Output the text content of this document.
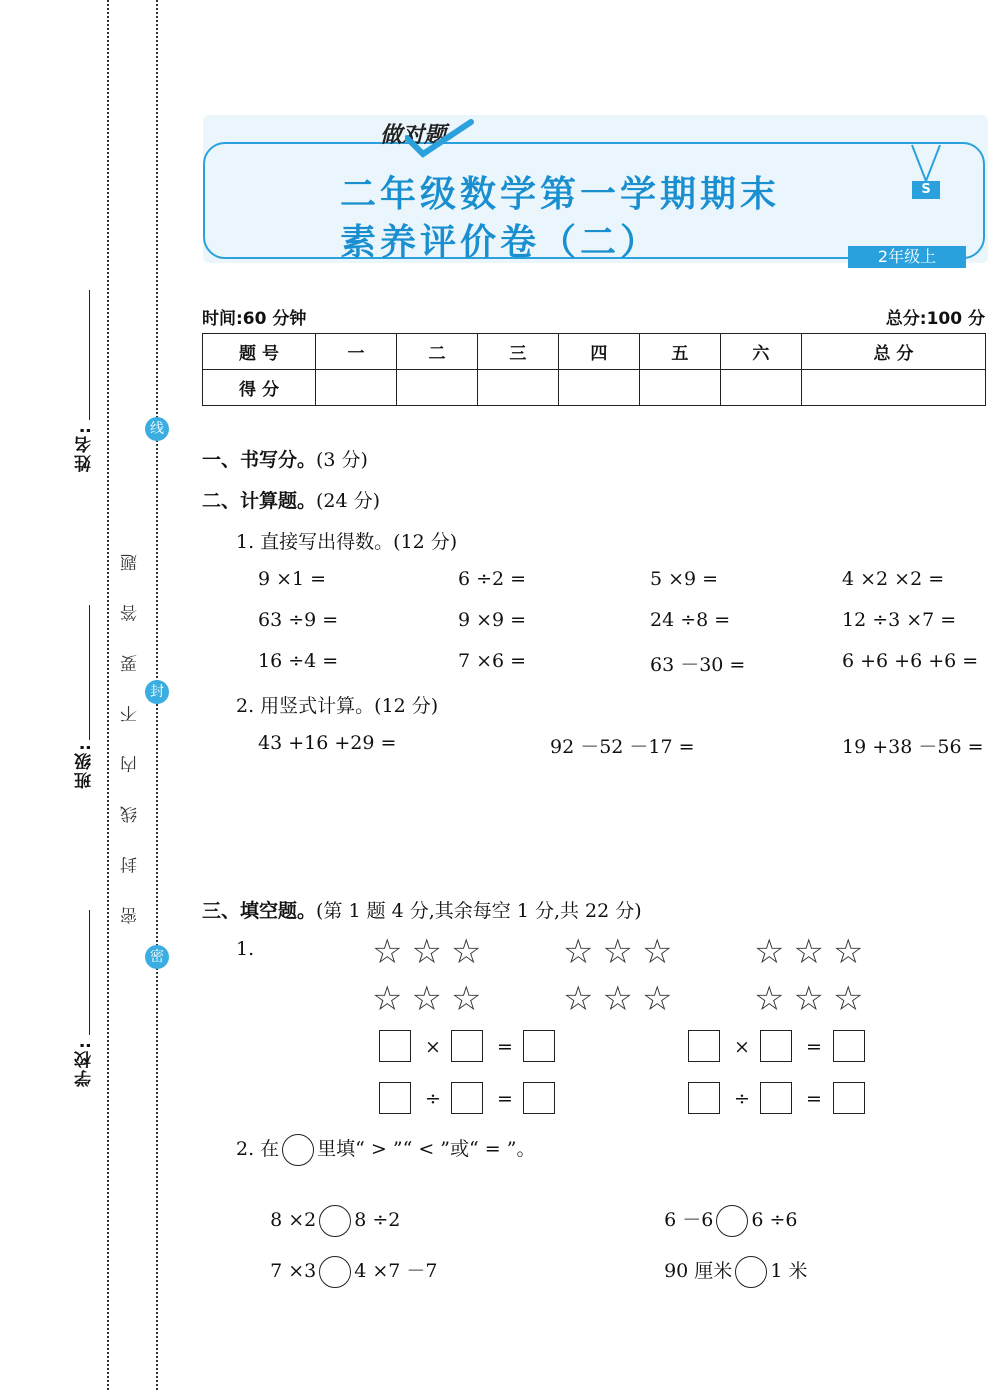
姓名:
班级:
学校:
密 封 线 内 不 要 答 题
线
封
密
做对题
二年级数学第一学期期末
素养评价卷（二）
S
2年级上
时间:60 分钟	总分:100 分
题 号	一	二	三	四	五	六	总 分
得 分							
一、书写分。(3 分)
二、计算题。(24 分)
1. 直接写出得数。(12 分)
9 ×1 =	6 ÷2 =	5 ×9 =	4 ×2 ×2 =
63 ÷9 =	9 ×9 =	24 ÷8 =	12 ÷3 ×7 =
16 ÷4 =	7 ×6 =	63 －30 =	6 +6 +6 +6 =
2. 用竖式计算。(12 分)
43 +16 +29 =	92 －52 －17 =	19 +38 －56 =
三、填空题。(第 1 题 4 分,其余每空 1 分,共 22 分)
1.	☆☆☆ ☆☆☆ ☆☆☆
☆☆☆ ☆☆☆ ☆☆☆
×	=	×	=
÷	=	÷	=
2. 在 里填“ > ”“ < ”或“ = ”。

8 ×2 8 ÷2	6 －6 6 ÷6

7 ×3 4 ×7 －7	90 厘米 1 米
